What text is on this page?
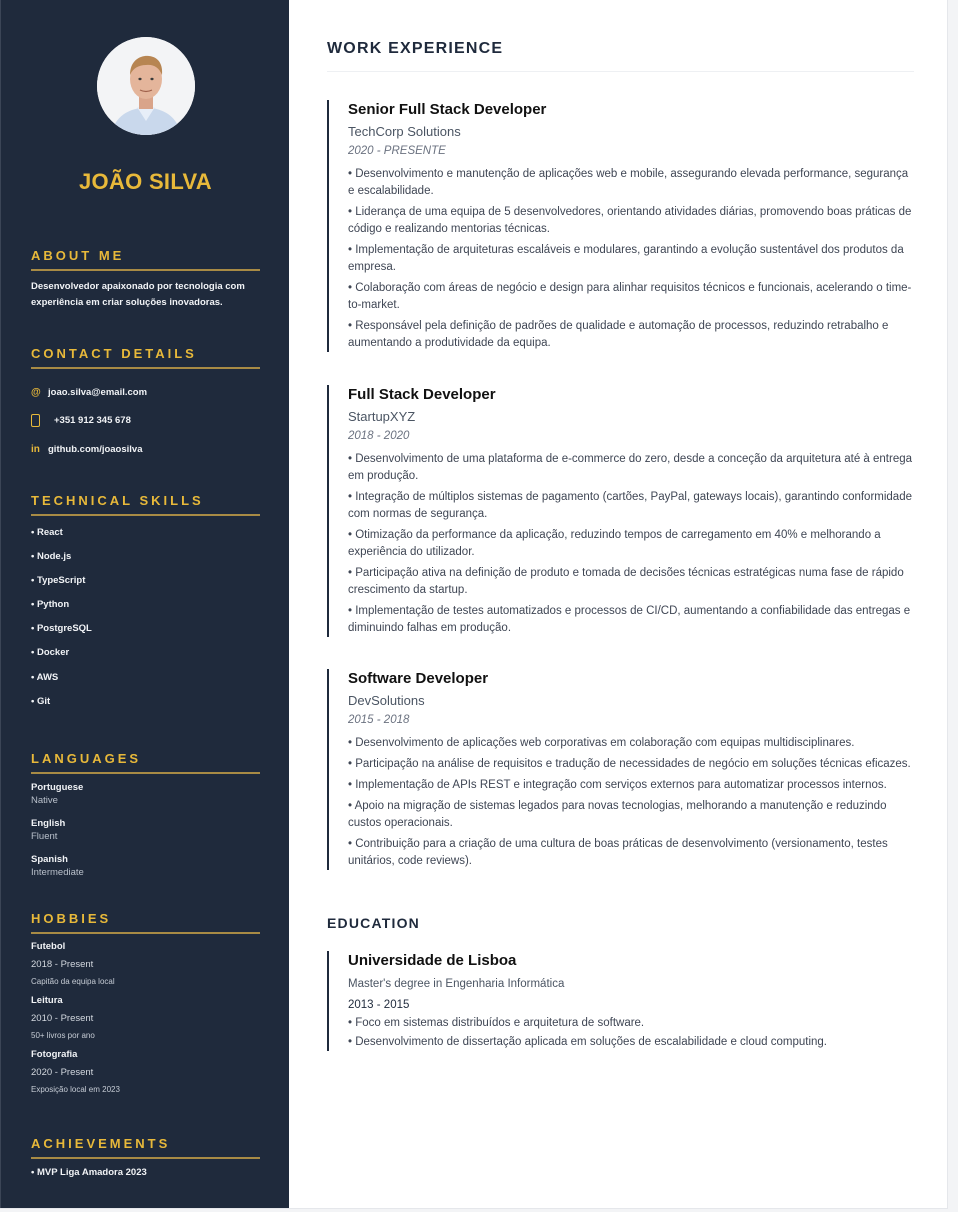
JOÃO SILVA
ABOUT ME

Desenvolvedor apaixonado por tecnologia com experiência em criar soluções inovadoras.

CONTACT DETAILS
@ joao.silva@email.com
+351 912 345 678
in github.com/joaosilva
TECHNICAL SKILLS
• React
• Node.js
• TypeScript
• Python
• PostgreSQL
• Docker
• AWS
• Git
LANGUAGES
Portuguese
Native
English
Fluent
Spanish
Intermediate
HOBBIES
Futebol
2018 - Present
Capitão da equipa local
Leitura
2010 - Present
50+ livros por ano
Fotografia
2020 - Present
Exposição local em 2023
ACHIEVEMENTS
• MVP Liga Amadora 2023
WORK EXPERIENCE
Senior Full Stack Developer
TechCorp Solutions
2020 - PRESENTE

• Desenvolvimento e manutenção de aplicações web e mobile, assegurando elevada performance, segurança e escalabilidade.

• Liderança de uma equipa de 5 desenvolvedores, orientando atividades diárias, promovendo boas práticas de código e realizando mentorias técnicas.

• Implementação de arquiteturas escaláveis e modulares, garantindo a evolução sustentável dos produtos da empresa.

• Colaboração com áreas de negócio e design para alinhar requisitos técnicos e funcionais, acelerando o time-to-market.

• Responsável pela definição de padrões de qualidade e automação de processos, reduzindo retrabalho e aumentando a produtividade da equipa.

Full Stack Developer
StartupXYZ
2018 - 2020

• Desenvolvimento de uma plataforma de e-commerce do zero, desde a conceção da arquitetura até à entrega em produção.

• Integração de múltiplos sistemas de pagamento (cartões, PayPal, gateways locais), garantindo conformidade com normas de segurança.

• Otimização da performance da aplicação, reduzindo tempos de carregamento em 40% e melhorando a experiência do utilizador.

• Participação ativa na definição de produto e tomada de decisões técnicas estratégicas numa fase de rápido crescimento da startup.

• Implementação de testes automatizados e processos de CI/CD, aumentando a confiabilidade das entregas e diminuindo falhas em produção.

Software Developer
DevSolutions
2015 - 2018

• Desenvolvimento de aplicações web corporativas em colaboração com equipas multidisciplinares.

• Participação na análise de requisitos e tradução de necessidades de negócio em soluções técnicas eficazes.

• Implementação de APIs REST e integração com serviços externos para automatizar processos internos.

• Apoio na migração de sistemas legados para novas tecnologias, melhorando a manutenção e reduzindo custos operacionais.

• Contribuição para a criação de uma cultura de boas práticas de desenvolvimento (versionamento, testes unitários, code reviews).

EDUCATION
Universidade de Lisboa
Master's degree in Engenharia Informática
2013 - 2015

• Foco em sistemas distribuídos e arquitetura de software.

• Desenvolvimento de dissertação aplicada em soluções de escalabilidade e cloud computing.
